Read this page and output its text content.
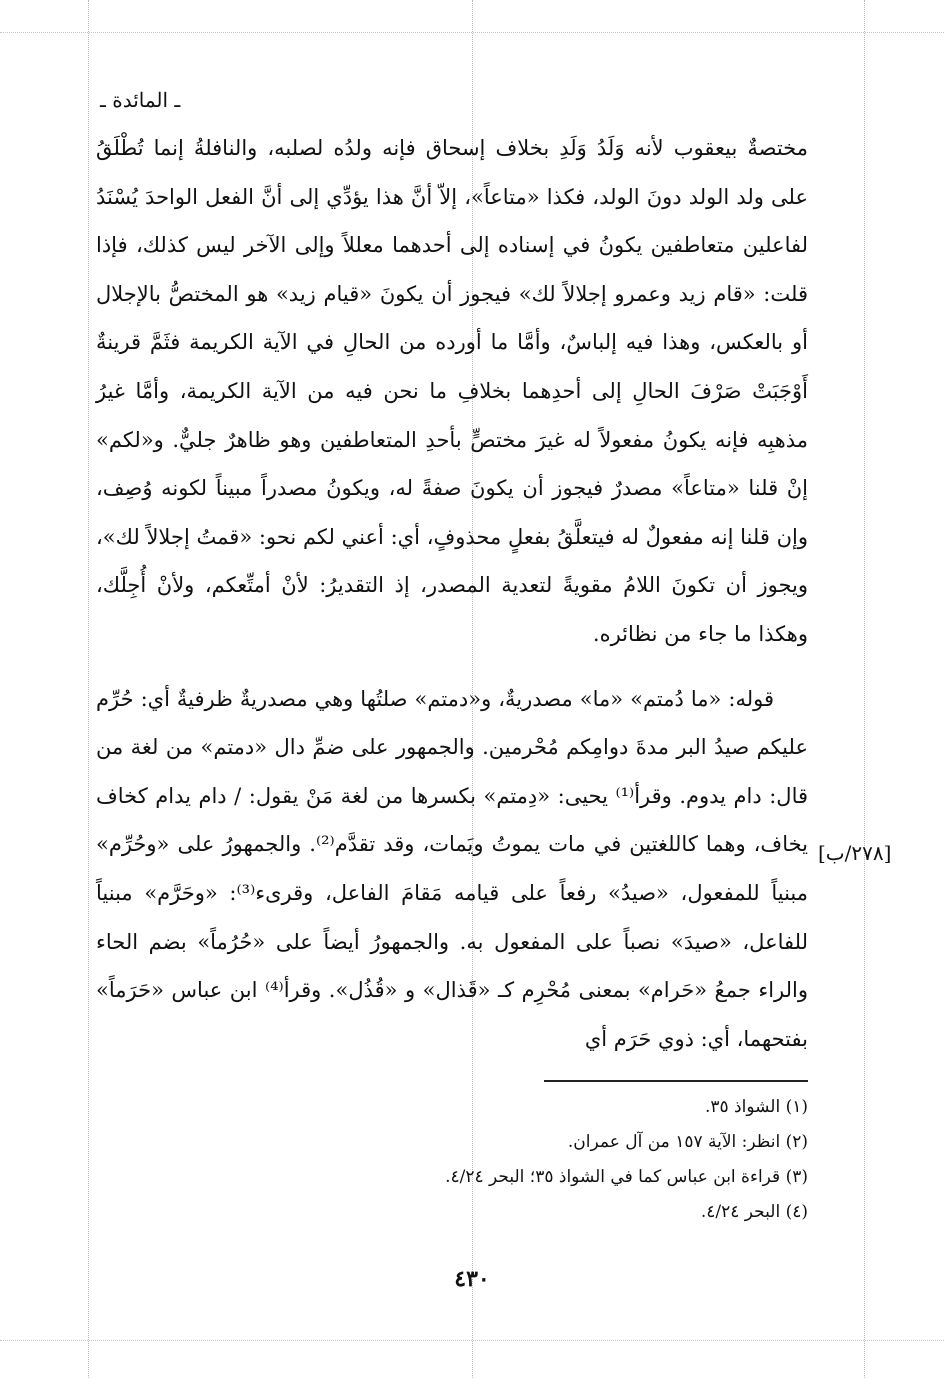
ـ المائدة ـ

مختصةٌ بيعقوب لأنه وَلَدُ وَلَدِ بخلاف إسحاق فإنه ولدُه لصلبه، والنافلةُ إنما تُطْلَقُ على ولد الولد دونَ الولد، فكذا «متاعاً»، إلاّ أنَّ هذا يؤدِّي إلى أنَّ الفعل الواحدَ يُسْنَدُ لفاعلين متعاطفين يكونُ في إسناده إلى أحدهما معللاً وإلى الآخر ليس كذلك، فإذا قلت: «قام زيد وعمرو إجلالاً لك» فيجوز أن يكونَ «قيام زيد» هو المختصُّ بالإجلال أو بالعكس، وهذا فيه إلباسٌ، وأمَّا ما أورده من الحالِ في الآية الكريمة فثَمَّ قرينةٌ أَوْجَبَتْ صَرْفَ الحالِ إلى أحدِهما بخلافِ ما نحن فيه من الآية الكريمة، وأمَّا غيرُ مذهبِه فإنه يكونُ مفعولاً له غيرَ مختصٍّ بأحدِ المتعاطفين وهو ظاهرٌ جليٌّ. و«لكم» إنْ قلنا «متاعاً» مصدرٌ فيجوز أن يكونَ صفةً له، ويكونُ مصدراً مبيناً لكونه وُصِف، وإن قلنا إنه مفعولٌ له فيتعلَّقُ بفعلٍ محذوفٍ، أي: أعني لكم نحو: «قمتُ إجلالاً لك»، ويجوز أن تكونَ اللامُ مقويةً لتعدية المصدر، إذ التقديرُ: لأنْ أمتِّعكم، ولأنْ أُجِلَّك، وهكذا ما جاء من نظائره.

قوله: «ما دُمتم» «ما» مصدريةٌ، و«دمتم» صلتُها وهي مصدريةٌ ظرفيةٌ أي: حُرِّم عليكم صيدُ البر مدةَ دوامِكم مُحْرمين. والجمهور على ضمِّ دال «دمتم» من لغة من قال: دام يدوم. وقرأ⁽¹⁾ يحيى: «دِمتم» بكسرها من لغة مَنْ يقول: / دام يدام كخاف يخاف، وهما كاللغتين في مات يموتُ ويَمات، وقد تقدَّم⁽²⁾. والجمهورُ على «وحُرِّم» مبنياً للمفعول، «صيدُ» رفعاً على قيامه مَقامَ الفاعل، وقرىء⁽³⁾: «وحَرَّم» مبنياً للفاعل، «صيدَ» نصباً على المفعول به. والجمهورُ أيضاً على «حُرُماً» بضم الحاء والراء جمعُ «حَرام» بمعنى مُحْرِم كـ «قَذال» و «قُذُل». وقرأ⁽⁴⁾ ابن عباس «حَرَماً» بفتحهما، أي: ذوي حَرَم أي

[٢٧٨/ب]
(١) الشواذ ٣٥.
(٢) انظر: الآية ١٥٧ من آل عمران.
(٣) قراءة ابن عباس كما في الشواذ ٣٥؛ البحر ٤/٢٤.
(٤) البحر ٤/٢٤.
٤٣٠
